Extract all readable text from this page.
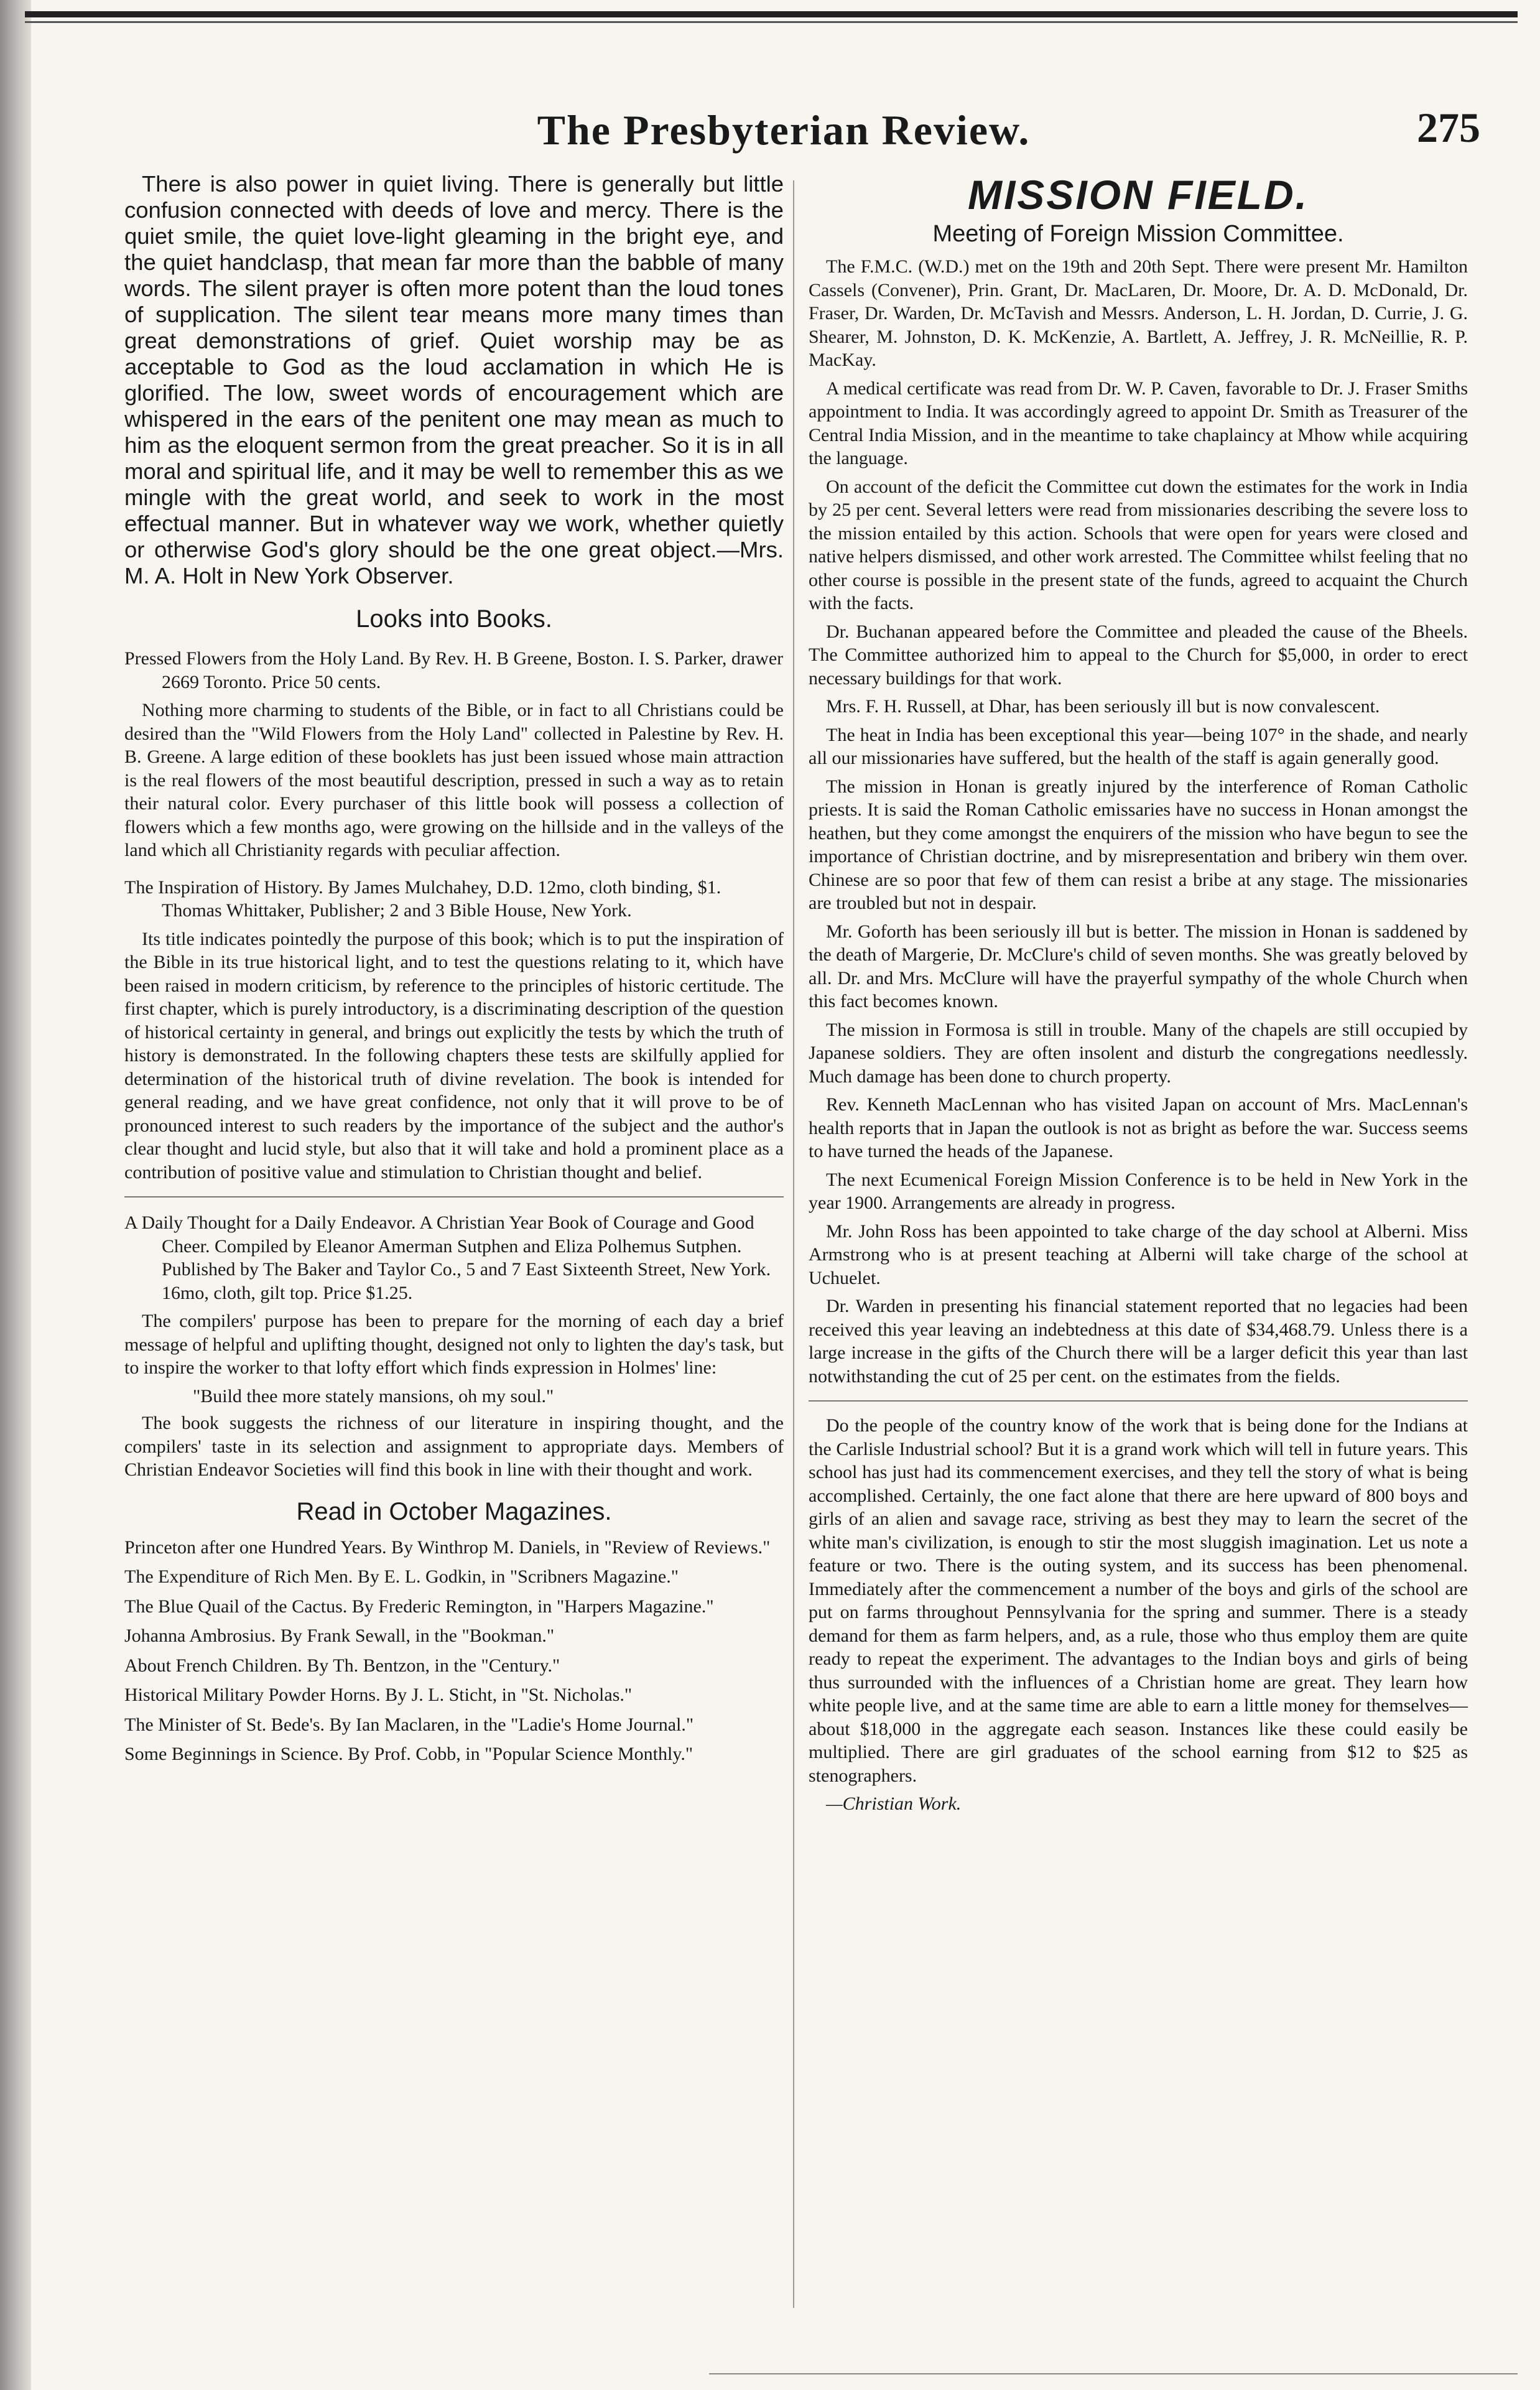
The Presbyterian Review.	275

There is also power in quiet living. There is generally but little confusion connected with deeds of love and mercy. There is the quiet smile, the quiet love-light gleaming in the bright eye, and the quiet handclasp, that mean far more than the babble of many words. The silent prayer is often more potent than the loud tones of supplication. The silent tear means more many times than great demonstrations of grief. Quiet worship may be as acceptable to God as the loud acclamation in which He is glorified. The low, sweet words of encouragement which are whispered in the ears of the penitent one may mean as much to him as the eloquent sermon from the great preacher. So it is in all moral and spiritual life, and it may be well to remember this as we mingle with the great world, and seek to work in the most effectual manner. But in whatever way we work, whether quietly or otherwise God's glory should be the one great object.—Mrs. M. A. Holt in New York Observer.

Looks into Books.
Pressed Flowers from the Holy Land. By Rev. H. B Greene, Boston. I. S. Parker, drawer 2669 Toronto. Price 50 cents.

Nothing more charming to students of the Bible, or in fact to all Christians could be desired than the "Wild Flowers from the Holy Land" collected in Palestine by Rev. H. B. Greene. A large edition of these booklets has just been issued whose main attraction is the real flowers of the most beautiful description, pressed in such a way as to retain their natural color. Every purchaser of this little book will possess a collection of flowers which a few months ago, were growing on the hillside and in the valleys of the land which all Christianity regards with peculiar affection.

The Inspiration of History. By James Mulchahey, D.D. 12mo, cloth binding, $1. Thomas Whittaker, Publisher; 2 and 3 Bible House, New York.

Its title indicates pointedly the purpose of this book; which is to put the inspiration of the Bible in its true historical light, and to test the questions relating to it, which have been raised in modern criticism, by reference to the principles of historic certitude. The first chapter, which is purely introductory, is a discriminating description of the question of historical certainty in general, and brings out explicitly the tests by which the truth of history is demonstrated. In the following chapters these tests are skilfully applied for determination of the historical truth of divine revelation. The book is intended for general reading, and we have great confidence, not only that it will prove to be of pronounced interest to such readers by the importance of the subject and the author's clear thought and lucid style, but also that it will take and hold a prominent place as a contribution of positive value and stimulation to Christian thought and belief.

A Daily Thought for a Daily Endeavor. A Christian Year Book of Courage and Good Cheer. Compiled by Eleanor Amerman Sutphen and Eliza Polhemus Sutphen. Published by The Baker and Taylor Co., 5 and 7 East Sixteenth Street, New York. 16mo, cloth, gilt top. Price $1.25.

The compilers' purpose has been to prepare for the morning of each day a brief message of helpful and uplifting thought, designed not only to lighten the day's task, but to inspire the worker to that lofty effort which finds expression in Holmes' line:

"Build thee more stately mansions, oh my soul."

The book suggests the richness of our literature in inspiring thought, and the compilers' taste in its selection and assignment to appropriate days. Members of Christian Endeavor Societies will find this book in line with their thought and work.

Read in October Magazines.
Princeton after one Hundred Years. By Winthrop M. Daniels, in "Review of Reviews."
The Expenditure of Rich Men. By E. L. Godkin, in "Scribners Magazine."
The Blue Quail of the Cactus. By Frederic Remington, in "Harpers Magazine."
Johanna Ambrosius. By Frank Sewall, in the "Bookman."
About French Children. By Th. Bentzon, in the "Century."
Historical Military Powder Horns. By J. L. Sticht, in "St. Nicholas."
The Minister of St. Bede's. By Ian Maclaren, in the "Ladie's Home Journal."
Some Beginnings in Science. By Prof. Cobb, in "Popular Science Monthly."
MISSION FIELD.
Meeting of Foreign Mission Committee.

The F.M.C. (W.D.) met on the 19th and 20th Sept. There were present Mr. Hamilton Cassels (Convener), Prin. Grant, Dr. MacLaren, Dr. Moore, Dr. A. D. McDonald, Dr. Fraser, Dr. Warden, Dr. McTavish and Messrs. Anderson, L. H. Jordan, D. Currie, J. G. Shearer, M. Johnston, D. K. McKenzie, A. Bartlett, A. Jeffrey, J. R. McNeillie, R. P. MacKay.

A medical certificate was read from Dr. W. P. Caven, favorable to Dr. J. Fraser Smiths appointment to India. It was accordingly agreed to appoint Dr. Smith as Treasurer of the Central India Mission, and in the meantime to take chaplaincy at Mhow while acquiring the language.

On account of the deficit the Committee cut down the estimates for the work in India by 25 per cent. Several letters were read from missionaries describing the severe loss to the mission entailed by this action. Schools that were open for years were closed and native helpers dismissed, and other work arrested. The Committee whilst feeling that no other course is possible in the present state of the funds, agreed to acquaint the Church with the facts.

Dr. Buchanan appeared before the Committee and pleaded the cause of the Bheels. The Committee authorized him to appeal to the Church for $5,000, in order to erect necessary buildings for that work.

Mrs. F. H. Russell, at Dhar, has been seriously ill but is now convalescent.

The heat in India has been exceptional this year—being 107° in the shade, and nearly all our missionaries have suffered, but the health of the staff is again generally good.

The mission in Honan is greatly injured by the interference of Roman Catholic priests. It is said the Roman Catholic emissaries have no success in Honan amongst the heathen, but they come amongst the enquirers of the mission who have begun to see the importance of Christian doctrine, and by misrepresentation and bribery win them over. Chinese are so poor that few of them can resist a bribe at any stage. The missionaries are troubled but not in despair.

Mr. Goforth has been seriously ill but is better. The mission in Honan is saddened by the death of Margerie, Dr. McClure's child of seven months. She was greatly beloved by all. Dr. and Mrs. McClure will have the prayerful sympathy of the whole Church when this fact becomes known.

The mission in Formosa is still in trouble. Many of the chapels are still occupied by Japanese soldiers. They are often insolent and disturb the congregations needlessly. Much damage has been done to church property.

Rev. Kenneth MacLennan who has visited Japan on account of Mrs. MacLennan's health reports that in Japan the outlook is not as bright as before the war. Success seems to have turned the heads of the Japanese.

The next Ecumenical Foreign Mission Conference is to be held in New York in the year 1900. Arrangements are already in progress.

Mr. John Ross has been appointed to take charge of the day school at Alberni. Miss Armstrong who is at present teaching at Alberni will take charge of the school at Uchuelet.

Dr. Warden in presenting his financial statement reported that no legacies had been received this year leaving an indebtedness at this date of $34,468.79. Unless there is a large increase in the gifts of the Church there will be a larger deficit this year than last notwithstanding the cut of 25 per cent. on the estimates from the fields.

Do the people of the country know of the work that is being done for the Indians at the Carlisle Industrial school? But it is a grand work which will tell in future years. This school has just had its commencement exercises, and they tell the story of what is being accomplished. Certainly, the one fact alone that there are here upward of 800 boys and girls of an alien and savage race, striving as best they may to learn the secret of the white man's civilization, is enough to stir the most sluggish imagination. Let us note a feature or two. There is the outing system, and its success has been phenomenal. Immediately after the commencement a number of the boys and girls of the school are put on farms throughout Pennsylvania for the spring and summer. There is a steady demand for them as farm helpers, and, as a rule, those who thus employ them are quite ready to repeat the experiment. The advantages to the Indian boys and girls of being thus surrounded with the influences of a Christian home are great. They learn how white people live, and at the same time are able to earn a little money for themselves—about $18,000 in the aggregate each season. Instances like these could easily be multiplied. There are girl graduates of the school earning from $12 to $25 as stenographers.

—Christian Work.
